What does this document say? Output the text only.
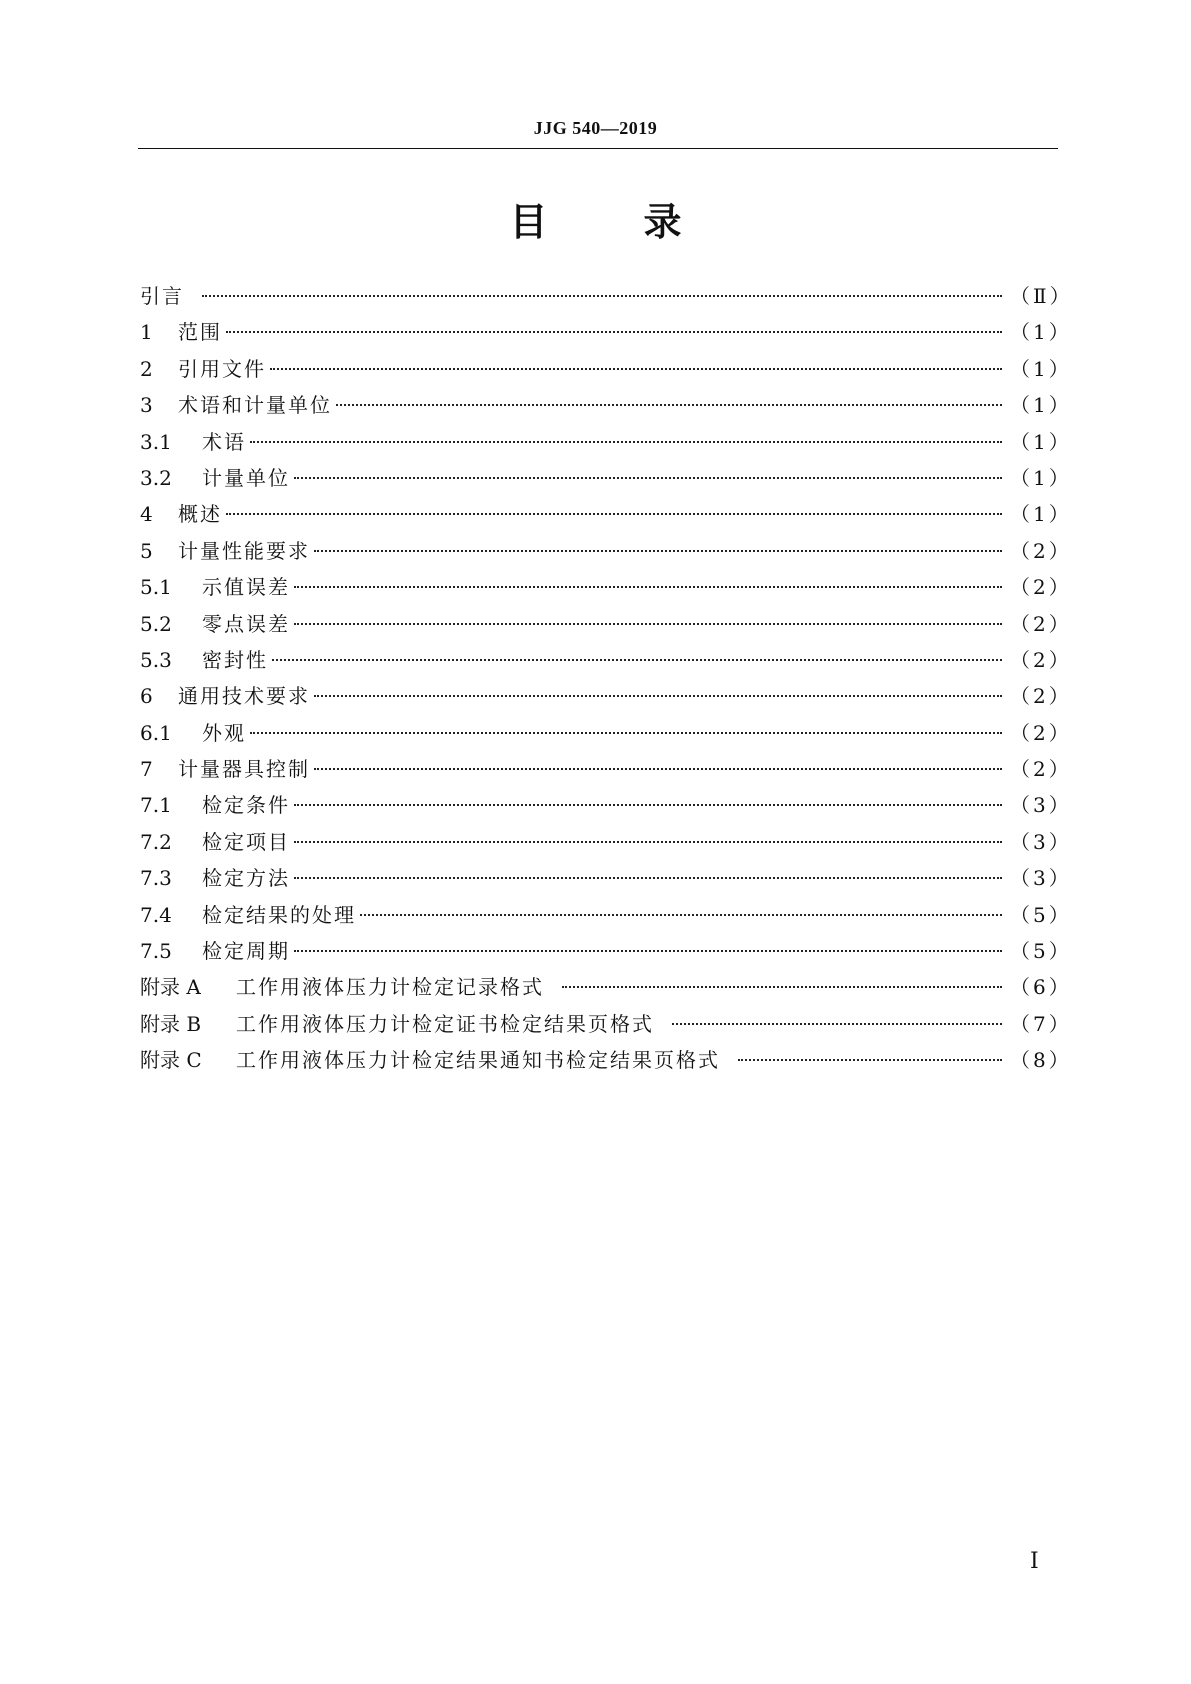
JJG 540—2019
目	录
引言	（Ⅱ）
1	范围	（1）
2	引用文件	（1）
3	术语和计量单位	（1）
3.1	术语	（1）
3.2	计量单位	（1）
4	概述	（1）
5	计量性能要求	（2）
5.1	示值误差	（2）
5.2	零点误差	（2）
5.3	密封性	（2）
6	通用技术要求	（2）
6.1	外观	（2）
7	计量器具控制	（2）
7.1	检定条件	（3）
7.2	检定项目	（3）
7.3	检定方法	（3）
7.4	检定结果的处理	（5）
7.5	检定周期	（5）
附录 A	工作用液体压力计检定记录格式	（6）
附录 B	工作用液体压力计检定证书检定结果页格式	（7）
附录 C	工作用液体压力计检定结果通知书检定结果页格式	（8）
Ⅰ
